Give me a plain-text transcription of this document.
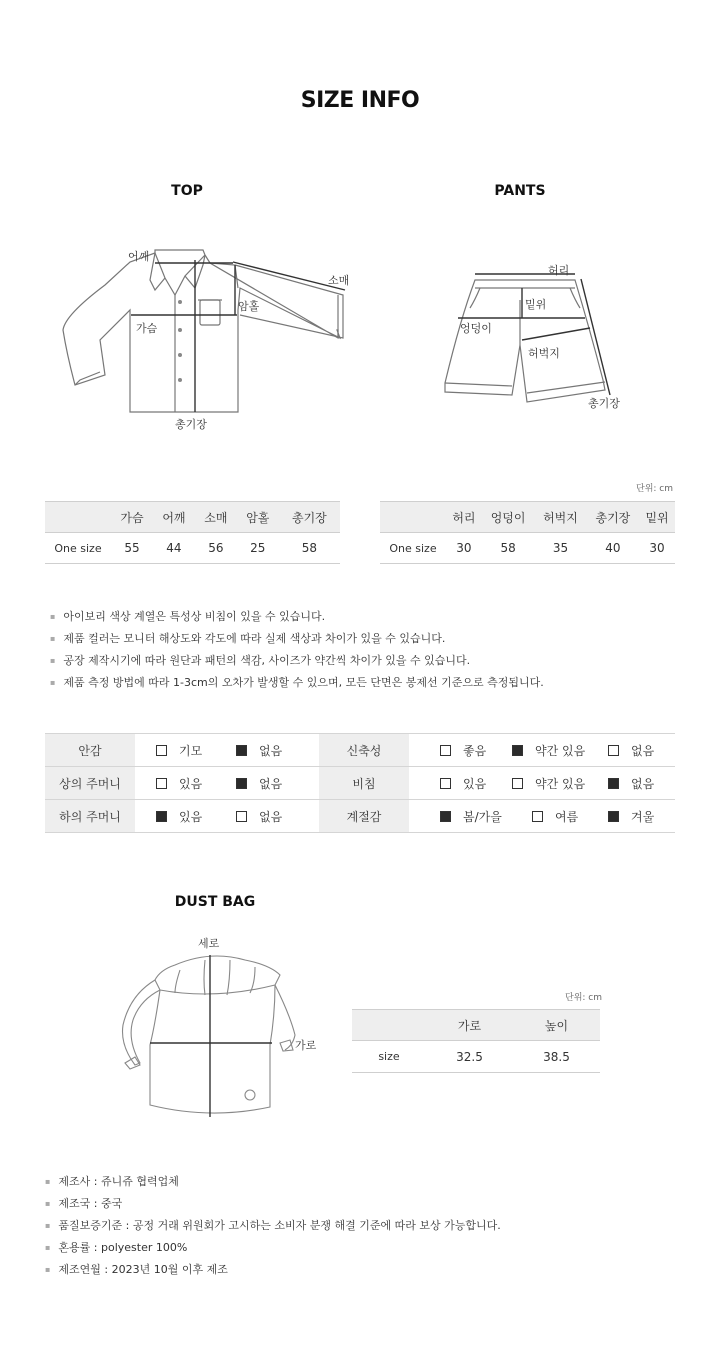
SIZE INFO
TOP
어깨
소매
암홀
가슴
총기장
PANTS
허리
밑위
엉덩이
허벅지
총기장
단위: cm
	가슴	어깨	소매	암홀	총기장
One size	55	44	56	25	58
	허리	엉덩이	허벅지	총기장	밑위
One size	30	58	35	40	30
▪ 아이보리 색상 계열은 특성상 비침이 있을 수 있습니다.
▪ 제품 컬러는 모니터 해상도와 각도에 따라 실제 색상과 차이가 있을 수 있습니다.
▪ 공장 제작시기에 따라 원단과 패턴의 색감, 사이즈가 약간씩 차이가 있을 수 있습니다.
▪ 제품 측정 방법에 따라 1-3cm의 오차가 발생할 수 있으며, 모든 단면은 봉제선 기준으로 측정됩니다.
안감	기모 없음	신축성	좋음 약간 있음 없음

상의 주머니	있음 없음	비침	있음 약간 있음 없음

하의 주머니	있음 없음	계절감	봄/가을 여름 겨울
DUST BAG
세로
가로
단위: cm
	가로	높이
size	32.5	38.5
▪ 제조사 : 쥬니쥬 협력업체
▪ 제조국 : 중국
▪ 품질보증기준 : 공정 거래 위원회가 고시하는 소비자 분쟁 해결 기준에 따라 보상 가능합니다.
▪ 혼용률 : polyester 100%
▪ 제조연월 : 2023년 10월 이후 제조
